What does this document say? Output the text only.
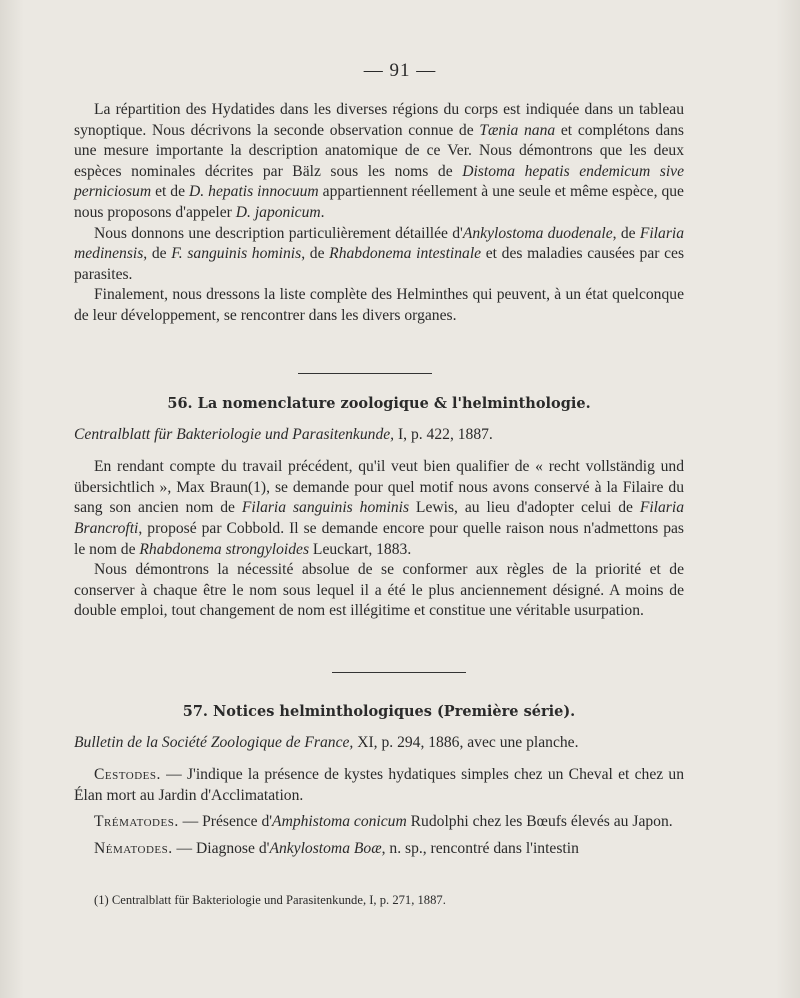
— 91 —

La répartition des Hydatides dans les diverses régions du corps est indiquée dans un tableau synoptique. Nous décrivons la seconde observation connue de Tænia nana et complétons dans une mesure importante la description anatomique de ce Ver. Nous démontrons que les deux espèces nominales décrites par Bälz sous les noms de Distoma hepatis endemicum sive perniciosum et de D. hepatis innocuum appartiennent réellement à une seule et même espèce, que nous proposons d'appeler D. japonicum.

Nous donnons une description particulièrement détaillée d'Ankylostoma duodenale, de Filaria medinensis, de F. sanguinis hominis, de Rhabdonema intestinale et des maladies causées par ces parasites.

Finalement, nous dressons la liste complète des Helminthes qui peuvent, à un état quelconque de leur développement, se rencontrer dans les divers organes.

56. La nomenclature zoologique & l'helminthologie.

Centralblatt für Bakteriologie und Parasitenkunde, I, p. 422, 1887.

En rendant compte du travail précédent, qu'il veut bien qualifier de « recht vollständig und übersichtlich », Max Braun(1), se demande pour quel motif nous avons conservé à la Filaire du sang son ancien nom de Filaria sanguinis hominis Lewis, au lieu d'adopter celui de Filaria Brancrofti, proposé par Cobbold. Il se demande encore pour quelle raison nous n'admettons pas le nom de Rhabdonema strongyloides Leuckart, 1883.

Nous démontrons la nécessité absolue de se conformer aux règles de la priorité et de conserver à chaque être le nom sous lequel il a été le plus anciennement désigné. A moins de double emploi, tout changement de nom est illégitime et constitue une véritable usurpation.

57. Notices helminthologiques (Première série).

Bulletin de la Société Zoologique de France, XI, p. 294, 1886, avec une planche.

Cestodes. — J'indique la présence de kystes hydatiques simples chez un Cheval et chez un Élan mort au Jardin d'Acclimatation.

Trématodes. — Présence d'Amphistoma conicum Rudolphi chez les Bœufs élevés au Japon.

Nématodes. — Diagnose d'Ankylostoma Boæ, n. sp., rencontré dans l'intestin

(1) Centralblatt für Bakteriologie und Parasitenkunde, I, p. 271, 1887.
